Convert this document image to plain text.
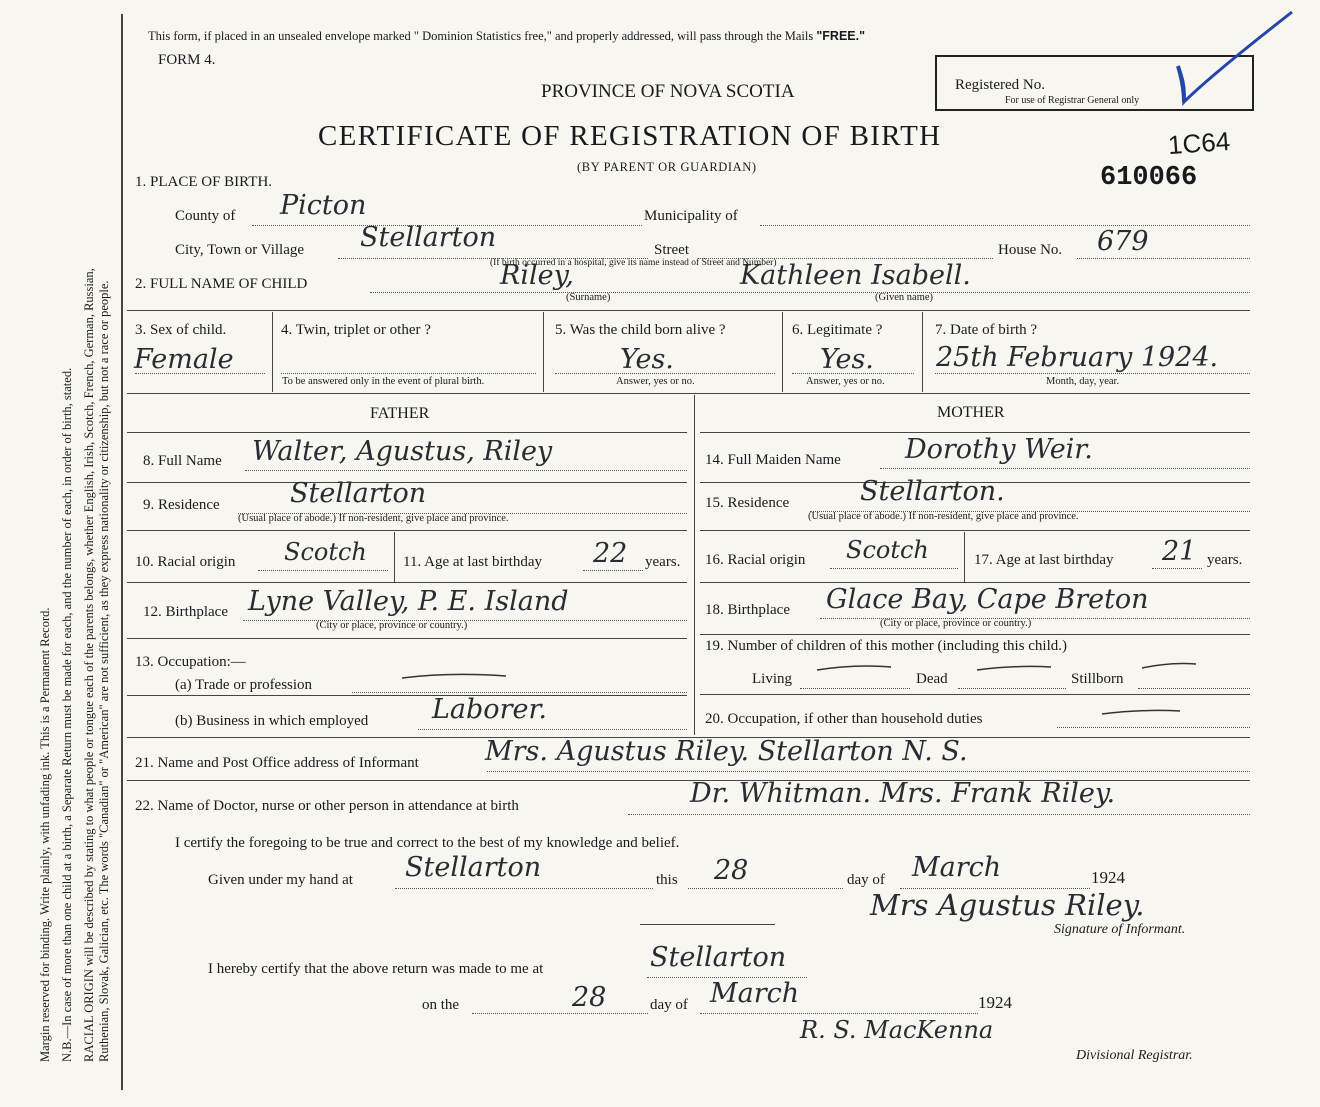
Margin reserved for binding. Write plainly, with unfading ink. This is a Permanent Record. N.B.—In case of more than one child at a birth, a Separate Return must be made for each, and the number of each, in order of birth, stated. RACIAL ORIGIN will be described by stating to what people or tongue each of the parents belongs, whether English, Irish, Scotch, French, German, Russian, Ruthenian, Slovak, Galician, etc. The words "Canadian" or "American" are not sufficient, as they express nationality or citizenship, but not a race or people.
This form, if placed in an unsealed envelope marked " Dominion Statistics free," and properly addressed, will pass through the Mails "FREE."
FORM 4.
PROVINCE OF NOVA SCOTIA
CERTIFICATE OF REGISTRATION OF BIRTH
(BY PARENT OR GUARDIAN)
Registered No.
For use of Registrar General only
1C64
610066
1. PLACE OF BIRTH.
County of Picton	Municipality of
City, Town or Village Stellarton	Street	House No. 679
(If birth occurred in a hospital, give its name instead of Street and Number)
2. FULL NAME OF CHILD	Riley,	Kathleen Isabell.
(Surname)	(Given name)
3. Sex of child.
Female
4. Twin, triplet or other ?
To be answered only in the event of plural birth.
5. Was the child born alive ?
Yes.
Answer, yes or no.
6. Legitimate ?
Yes.
Answer, yes or no.
7. Date of birth ?
25th February 1924.
Month, day, year.
FATHER
8. Full Name Walter, Agustus, Riley
9. Residence	Stellarton
(Usual place of abode.) If non-resident, give place and province.
10. Racial origin Scotch 11. Age at last birthday 22 years.
12. Birthplace Lyne Valley, P. E. Island
(City or place, province or country.)
13. Occupation:—
(a) Trade or profession
(b) Business in which employed Laborer.
MOTHER
14. Full Maiden Name Dorothy Weir.
15. Residence	Stellarton.
(Usual place of abode.) If non-resident, give place and province.
16. Racial origin Scotch	17. Age at last birthday 21 years.
18. Birthplace Glace Bay, Cape Breton
(City or place, province or country.)
19. Number of children of this mother (including this child.)
Living	Dead	Stillborn
20. Occupation, if other than household duties
21. Name and Post Office address of Informant Mrs. Agustus Riley. Stellarton N. S.
22. Name of Doctor, nurse or other person in attendance at birth	Dr. Whitman. Mrs. Frank Riley.
I certify the foregoing to be true and correct to the best of my knowledge and belief.
Given under my hand at Stellarton	this 28	day of March	1924
Mrs Agustus Riley.
Signature of Informant.
I hereby certify that the above return was made to me at	Stellarton
on the	28	day of March	1924
R. S. MacKenna
Divisional Registrar.
